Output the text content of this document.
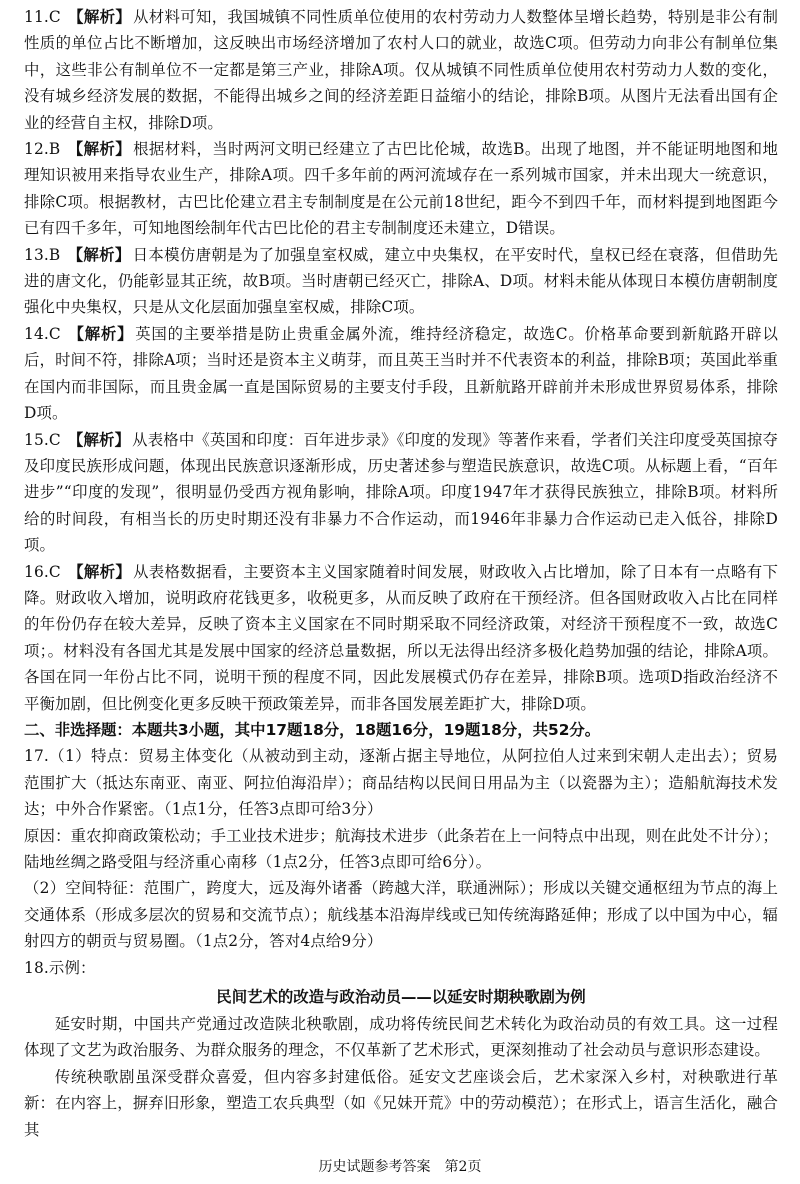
11.C 【解析】 从材料可知，我国城镇不同性质单位使用的农村劳动力人数整体呈增长趋势，特别是非公有制性质的单位占比不断增加，这反映出市场经济增加了农村人口的就业，故选C项。但劳动力向非公有制单位集中，这些非公有制单位不一定都是第三产业，排除A项。仅从城镇不同性质单位使用农村劳动力人数的变化，没有城乡经济发展的数据，不能得出城乡之间的经济差距日益缩小的结论，排除B项。从图片无法看出国有企业的经营自主权，排除D项。

12.B 【解析】 根据材料，当时两河文明已经建立了古巴比伦城，故选B。出现了地图，并不能证明地图和地理知识被用来指导农业生产，排除A项。四千多年前的两河流域存在一系列城市国家，并未出现大一统意识，排除C项。根据教材，古巴比伦建立君主专制制度是在公元前18世纪，距今不到四千年，而材料提到地图距今已有四千多年，可知地图绘制年代古巴比伦的君主专制制度还未建立，D错误。

13.B 【解析】 日本模仿唐朝是为了加强皇室权威，建立中央集权，在平安时代，皇权已经在衰落，但借助先进的唐文化，仍能彰显其正统，故B项。当时唐朝已经灭亡，排除A、D项。材料未能从体现日本模仿唐朝制度强化中央集权，只是从文化层面加强皇室权威，排除C项。

14.C 【解析】 英国的主要举措是防止贵重金属外流，维持经济稳定，故选C。价格革命要到新航路开辟以后，时间不符，排除A项；当时还是资本主义萌芽，而且英王当时并不代表资本的利益，排除B项；英国此举重在国内而非国际，而且贵金属一直是国际贸易的主要支付手段，且新航路开辟前并未形成世界贸易体系，排除D项。

15.C 【解析】 从表格中《英国和印度：百年进步录》《印度的发现》等著作来看，学者们关注印度受英国掠夺及印度民族形成问题，体现出民族意识逐渐形成，历史著述参与塑造民族意识，故选C项。从标题上看，“百年进步”“印度的发现”，很明显仍受西方视角影响，排除A项。印度1947年才获得民族独立，排除B项。材料所给的时间段，有相当长的历史时期还没有非暴力不合作运动，而1946年非暴力合作运动已走入低谷，排除D项。

16.C 【解析】 从表格数据看，主要资本主义国家随着时间发展，财政收入占比增加，除了日本有一点略有下降。财政收入增加，说明政府花钱更多，收税更多，从而反映了政府在干预经济。但各国财政收入占比在同样的年份仍存在较大差异，反映了资本主义国家在不同时期采取不同经济政策，对经济干预程度不一致，故选C项；。材料没有各国尤其是发展中国家的经济总量数据，所以无法得出经济多极化趋势加强的结论，排除A项。各国在同一年份占比不同，说明干预的程度不同，因此发展模式仍存在差异，排除B项。选项D指政治经济不平衡加剧，但比例变化更多反映干预政策差异，而非各国发展差距扩大，排除D项。

二、非选择题：本题共3小题，其中17题18分，18题16分，19题18分，共52分。

17.（1）特点：贸易主体变化（从被动到主动，逐渐占据主导地位，从阿拉伯人过来到宋朝人走出去）；贸易范围扩大（抵达东南亚、南亚、阿拉伯海沿岸）；商品结构以民间日用品为主（以瓷器为主）；造船航海技术发达；中外合作紧密。（1点1分，任答3点即可给3分）

原因：重农抑商政策松动；手工业技术进步；航海技术进步（此条若在上一问特点中出现，则在此处不计分）；陆地丝绸之路受阻与经济重心南移（1点2分，任答3点即可给6分）。

（2）空间特征：范围广，跨度大，远及海外诸番（跨越大洋，联通洲际）；形成以关键交通枢纽为节点的海上交通体系（形成多层次的贸易和交流节点）；航线基本沿海岸线或已知传统海路延伸；形成了以中国为中心，辐射四方的朝贡与贸易圈。（1点2分，答对4点给9分）

18.示例：

民间艺术的改造与政治动员——以延安时期秧歌剧为例

延安时期，中国共产党通过改造陕北秧歌剧，成功将传统民间艺术转化为政治动员的有效工具。这一过程体现了文艺为政治服务、为群众服务的理念，不仅革新了艺术形式，更深刻推动了社会动员与意识形态建设。

传统秧歌剧虽深受群众喜爱，但内容多封建低俗。延安文艺座谈会后，艺术家深入乡村，对秧歌进行革新：在内容上，摒弃旧形象，塑造工农兵典型（如《兄妹开荒》中的劳动模范）；在形式上，语言生活化，融合其

历史试题参考答案　第2页
